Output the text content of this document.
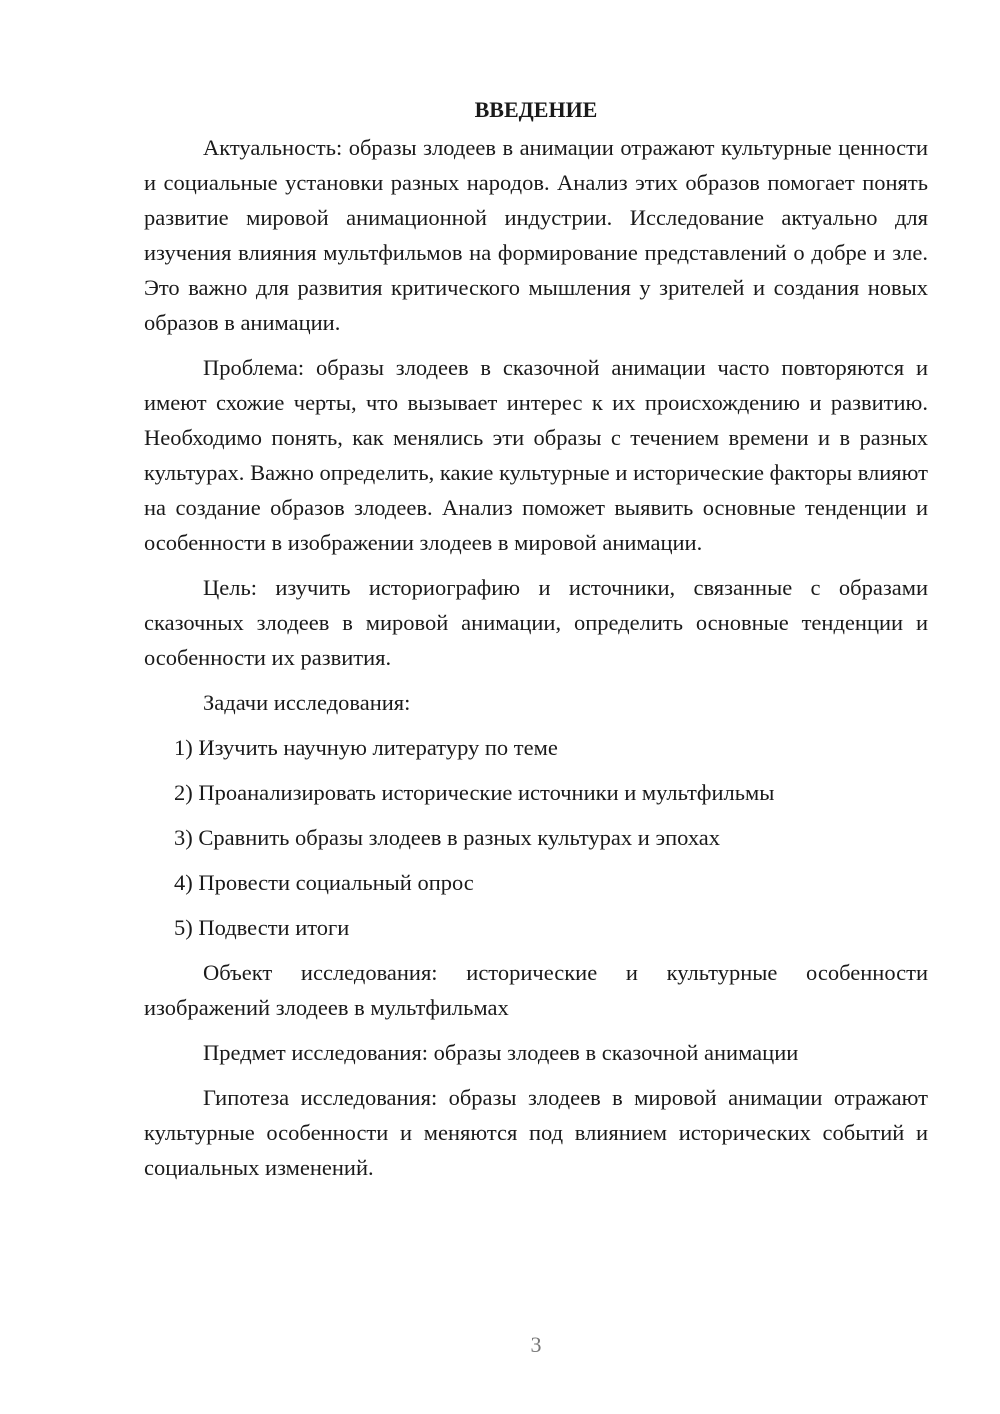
ВВЕДЕНИЕ

Актуальность: образы злодеев в анимации отражают культурные ценности и социальные установки разных народов. Анализ этих образов помогает понять развитие мировой анимационной индустрии. Исследование актуально для изучения влияния мультфильмов на формирование представлений о добре и зле. Это важно для развития критического мышления у зрителей и создания новых образов в анимации.

Проблема: образы злодеев в сказочной анимации часто повторяются и имеют схожие черты, что вызывает интерес к их происхождению и развитию. Необходимо понять, как менялись эти образы с течением времени и в разных культурах. Важно определить, какие культурные и исторические факторы влияют на создание образов злодеев. Анализ поможет выявить основные тенденции и особенности в изображении злодеев в мировой анимации.

Цель: изучить историографию и источники, связанные с образами сказочных злодеев в мировой анимации, определить основные тенденции и особенности их развития.

Задачи исследования:
1) Изучить научную литературу по теме
2) Проанализировать исторические источники и мультфильмы
3) Сравнить образы злодеев в разных культурах и эпохах
4) Провести социальный опрос
5) Подвести итоги

Объект исследования: исторические и культурные особенности изображений злодеев в мультфильмах

Предмет исследования: образы злодеев в сказочной анимации

Гипотеза исследования: образы злодеев в мировой анимации отражают культурные особенности и меняются под влиянием исторических событий и социальных изменений.

3
